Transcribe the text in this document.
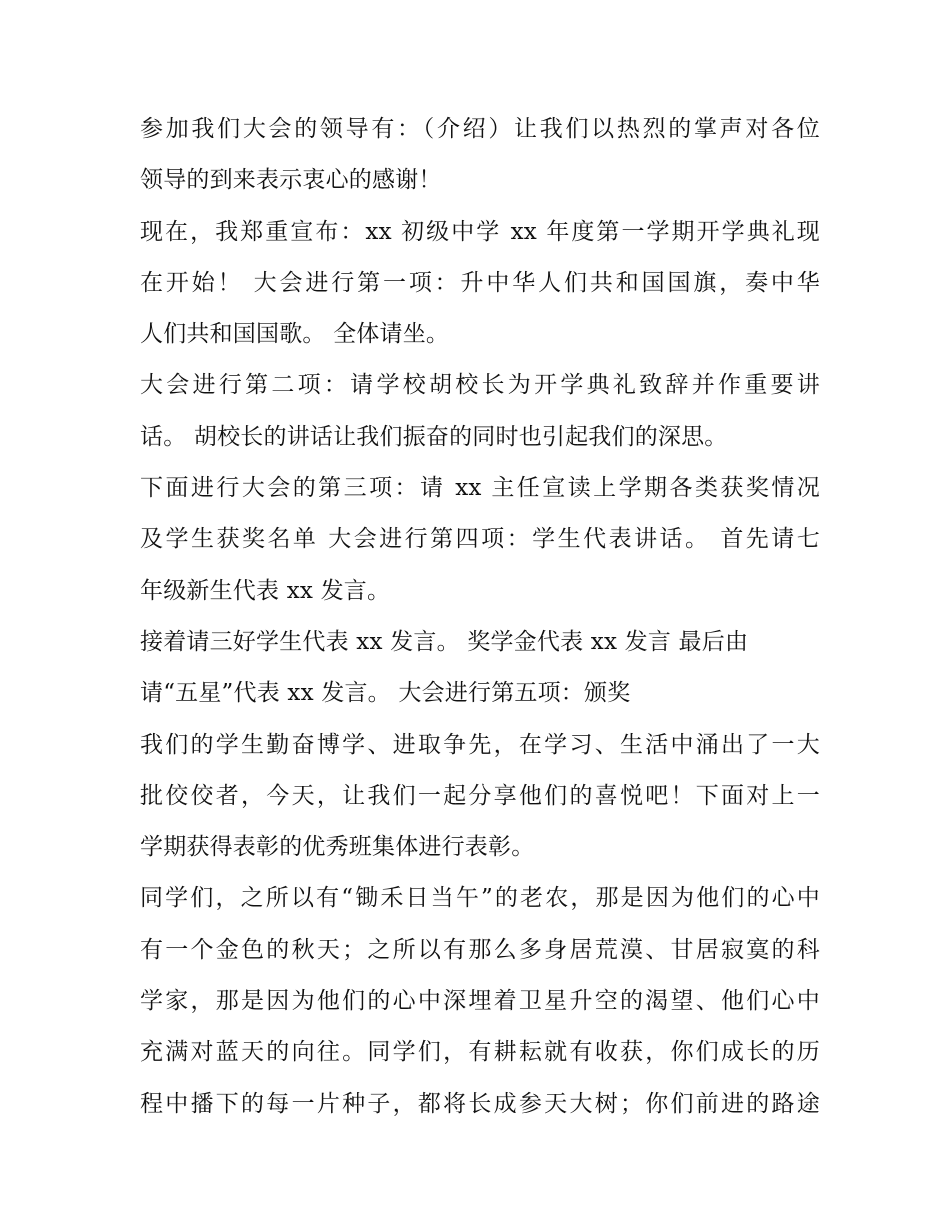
参加我们大会的领导有：（介绍）让我们以热烈的掌声对各位
领导的到来表示衷心的感谢！
现在，我郑重宣布：xx 初级中学 xx 年度第一学期开学典礼现
在开始！ 大会进行第一项：升中华人们共和国国旗，奏中华
人们共和国国歌。 全体请坐。
大会进行第二项：请学校胡校长为开学典礼致辞并作重要讲
话。 胡校长的讲话让我们振奋的同时也引起我们的深思。
下面进行大会的第三项：请 xx 主任宣读上学期各类获奖情况
及学生获奖名单 大会进行第四项：学生代表讲话。 首先请七
年级新生代表 xx 发言。
接着请三好学生代表 xx 发言。 奖学金代表 xx 发言 最后由
请“五星”代表 xx 发言。 大会进行第五项：颁奖
我们的学生勤奋博学、进取争先，在学习、生活中涌出了一大
批佼佼者，今天，让我们一起分享他们的喜悦吧！下面对上一
学期获得表彰的优秀班集体进行表彰。
同学们，之所以有“锄禾日当午”的老农，那是因为他们的心中
有一个金色的秋天；之所以有那么多身居荒漠、甘居寂寞的科
学家，那是因为他们的心中深埋着卫星升空的渴望、他们心中
充满对蓝天的向往。同学们，有耕耘就有收获，你们成长的历
程中播下的每一片种子，都将长成参天大树；你们前进的路途
